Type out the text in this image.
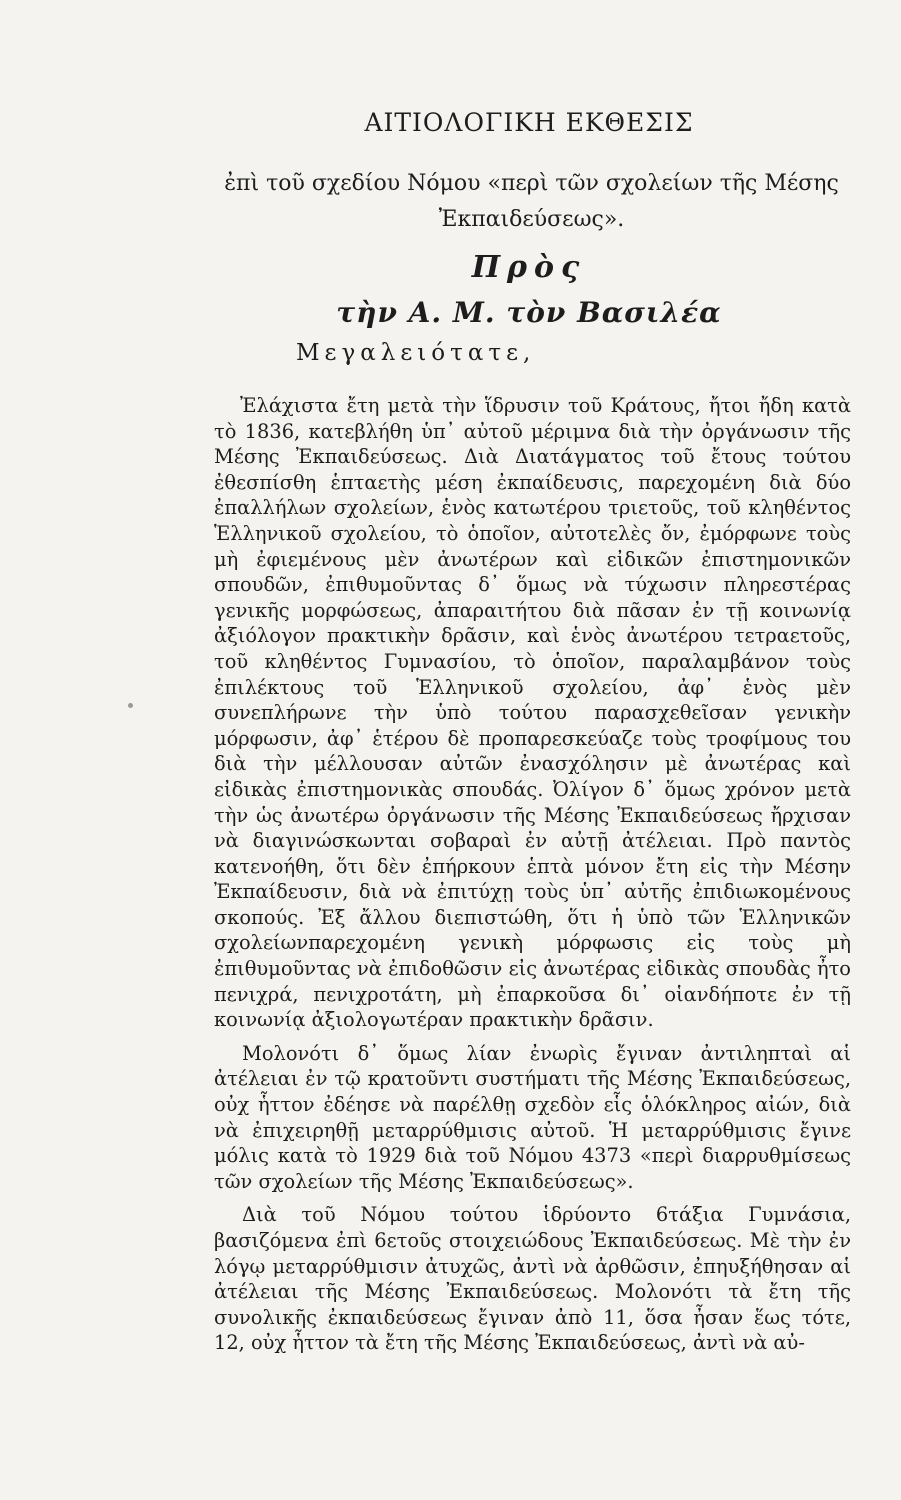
ΑΙΤΙΟΛΟΓΙΚΗ ΕΚΘΕΣΙΣ

ἐπὶ τοῦ σχεδίου Νόμου «περὶ τῶν σχολείων τῆς Μέσης Ἐκπαιδεύσεως».

Πρὸς

τὴν Α. Μ. τὸν Βασιλέα

Μεγαλειότατε,

Ἐλάχιστα ἔτη μετὰ τὴν ἵδρυσιν τοῦ Κράτους, ἤτοι ἤδη κατὰ τὸ 1836, κατεβλήθη ὑπ᾽ αὐτοῦ μέριμνα διὰ τὴν ὀργάνωσιν τῆς Μέσης Ἐκπαιδεύσεως. Διὰ Διατάγματος τοῦ ἔτους τούτου ἐθεσπίσθη ἑπταετὴς μέση ἐκπαίδευσις, παρεχομένη διὰ δύο ἐπαλλήλων σχολείων, ἑνὸς κατωτέρου τριετοῦς, τοῦ κληθέντος Ἑλληνικοῦ σχολείου, τὸ ὁποῖον, αὐτοτελὲς ὄν, ἐμόρφωνε τοὺς μὴ ἐφιεμένους μὲν ἀνωτέρων καὶ εἰδικῶν ἐπιστημονικῶν σπουδῶν, ἐπιθυμοῦντας δ᾽ ὅμως νὰ τύχωσιν πληρεστέρας γενικῆς μορφώσεως, ἀπαραιτήτου διὰ πᾶσαν ἐν τῇ κοινωνίᾳ ἀξιόλογον πρακτικὴν δρᾶσιν, καὶ ἑνὸς ἀνωτέρου τετραετοῦς, τοῦ κληθέντος Γυμνασίου, τὸ ὁποῖον, παραλαμβάνον τοὺς ἐπιλέκτους τοῦ Ἑλληνικοῦ σχολείου, ἀφ᾽ ἑνὸς μὲν συνεπλήρωνε τὴν ὑπὸ τούτου παρασχεθεῖσαν γενικὴν μόρφωσιν, ἀφ᾽ ἑτέρου δὲ προπαρεσκεύαζε τοὺς τροφίμους του διὰ τὴν μέλλουσαν αὐτῶν ἐνασχόλησιν μὲ ἀνωτέρας καὶ εἰδικὰς ἐπιστημονικὰς σπουδάς. Ὀλίγον δ᾽ ὅμως χρόνον μετὰ τὴν ὡς ἀνωτέρω ὀργάνωσιν τῆς Μέσης Ἐκπαιδεύσεως ἤρχισαν νὰ διαγινώσκωνται σοβαραὶ ἐν αὐτῇ ἀτέλειαι. Πρὸ παντὸς κατενοήθη, ὅτι δὲν ἐπήρκουν ἑπτὰ μόνον ἔτη εἰς τὴν Μέσην Ἐκπαίδευσιν, διὰ νὰ ἐπιτύχῃ τοὺς ὑπ᾽ αὐτῆς ἐπιδιωκομένους σκοπούς. Ἐξ ἄλλου διεπιστώθη, ὅτι ἡ ὑπὸ τῶν Ἑλληνικῶν σχολείωνπαρεχομένη γενικὴ μόρφωσις εἰς τοὺς μὴ ἐπιθυμοῦντας νὰ ἐπιδοθῶσιν εἰς ἀνωτέρας εἰδικὰς σπουδὰς ἦτο πενιχρά, πενιχροτάτη, μὴ ἐπαρκοῦσα δι᾽ οἱανδήποτε ἐν τῇ κοινωνίᾳ ἀξιολογωτέραν πρακτικὴν δρᾶσιν.

Μολονότι δ᾽ ὅμως λίαν ἐνωρὶς ἔγιναν ἀντιληπταὶ αἱ ἀτέλειαι ἐν τῷ κρατοῦντι συστήματι τῆς Μέσης Ἐκπαιδεύσεως, οὐχ ἧττον ἐδέησε νὰ παρέλθῃ σχεδὸν εἷς ὁλόκληρος αἰών, διὰ νὰ ἐπιχειρηθῇ μεταρρύθμισις αὐτοῦ. Ἡ μεταρρύθμισις ἔγινε μόλις κατὰ τὸ 1929 διὰ τοῦ Νόμου 4373 «περὶ διαρρυθμίσεως τῶν σχολείων τῆς Μέσης Ἐκπαιδεύσεως».

Διὰ τοῦ Νόμου τούτου ἱδρύοντο 6τάξια Γυμνάσια, βασιζόμενα ἐπὶ 6ετοῦς στοιχειώδους Ἐκπαιδεύσεως. Μὲ τὴν ἐν λόγῳ μεταρρύθμισιν ἀτυχῶς, ἀντὶ νὰ ἀρθῶσιν, ἐπηυξήθησαν αἱ ἀτέλειαι τῆς Μέσης Ἐκπαιδεύσεως. Μολονότι τὰ ἔτη τῆς συνολικῆς ἐκπαιδεύσεως ἔγιναν ἀπὸ 11, ὅσα ἦσαν ἕως τότε, 12, οὐχ ἧττον τὰ ἔτη τῆς Μέσης Ἐκπαιδεύσεως, ἀντὶ νὰ αὐ-
